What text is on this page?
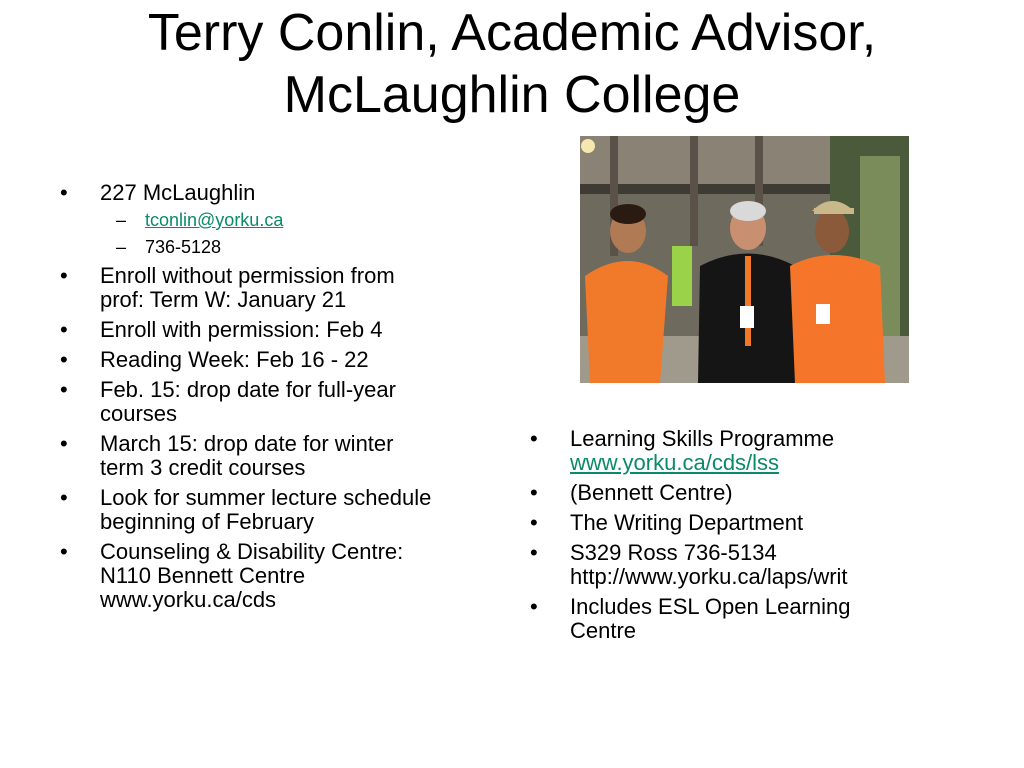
Terry Conlin, Academic Advisor,
McLaughlin College
•	227 McLaughlin
– tconlin@yorku.ca
– 736-5128
•	Enroll without permission from
prof: Term W: January 21
•	Enroll with permission: Feb 4
•	Reading Week: Feb 16 - 22
•	Feb. 15: drop date for full-year
courses
•	March 15: drop date for winter
term 3 credit courses
•	Look for summer lecture schedule
beginning of February
•	Counseling & Disability Centre:
N110 Bennett Centre
www.yorku.ca/cds
•	Learning Skills Programme
www.yorku.ca/cds/lss
•	(Bennett Centre)
•	The Writing Department
•	S329 Ross 736-5134
http://www.yorku.ca/laps/writ
•	Includes ESL Open Learning
Centre
